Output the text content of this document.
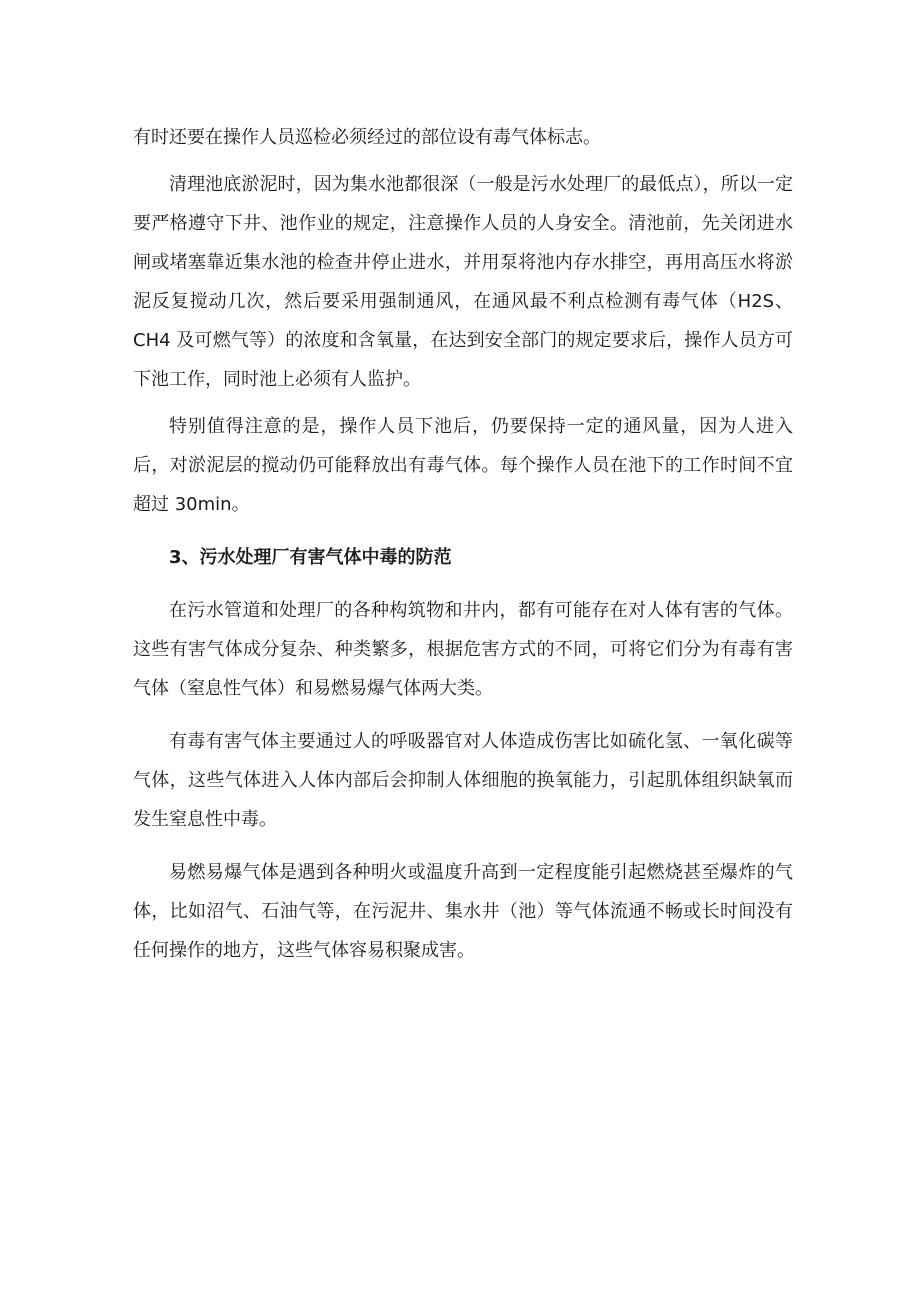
有时还要在操作人员巡检必须经过的部位设有毒气体标志。

清理池底淤泥时，因为集水池都很深（一般是污水处理厂的最低点），所以一定要严格遵守下井、池作业的规定，注意操作人员的人身安全。清池前，先关闭进水闸或堵塞靠近集水池的检查井停止进水，并用泵将池内存水排空，再用高压水将淤泥反复搅动几次，然后要采用强制通风，在通风最不利点检测有毒气体（H2S、CH4 及可燃气等）的浓度和含氧量，在达到安全部门的规定要求后，操作人员方可下池工作，同时池上必须有人监护。

特别值得注意的是，操作人员下池后，仍要保持一定的通风量，因为人进入后，对淤泥层的搅动仍可能释放出有毒气体。每个操作人员在池下的工作时间不宜超过 30min。

3、污水处理厂有害气体中毒的防范

在污水管道和处理厂的各种构筑物和井内，都有可能存在对人体有害的气体。这些有害气体成分复杂、种类繁多，根据危害方式的不同，可将它们分为有毒有害气体（窒息性气体）和易燃易爆气体两大类。

有毒有害气体主要通过人的呼吸器官对人体造成伤害比如硫化氢、一氧化碳等气体，这些气体进入人体内部后会抑制人体细胞的换氧能力，引起肌体组织缺氧而发生窒息性中毒。

易燃易爆气体是遇到各种明火或温度升高到一定程度能引起燃烧甚至爆炸的气体，比如沼气、石油气等，在污泥井、集水井（池）等气体流通不畅或长时间没有任何操作的地方，这些气体容易积聚成害。
